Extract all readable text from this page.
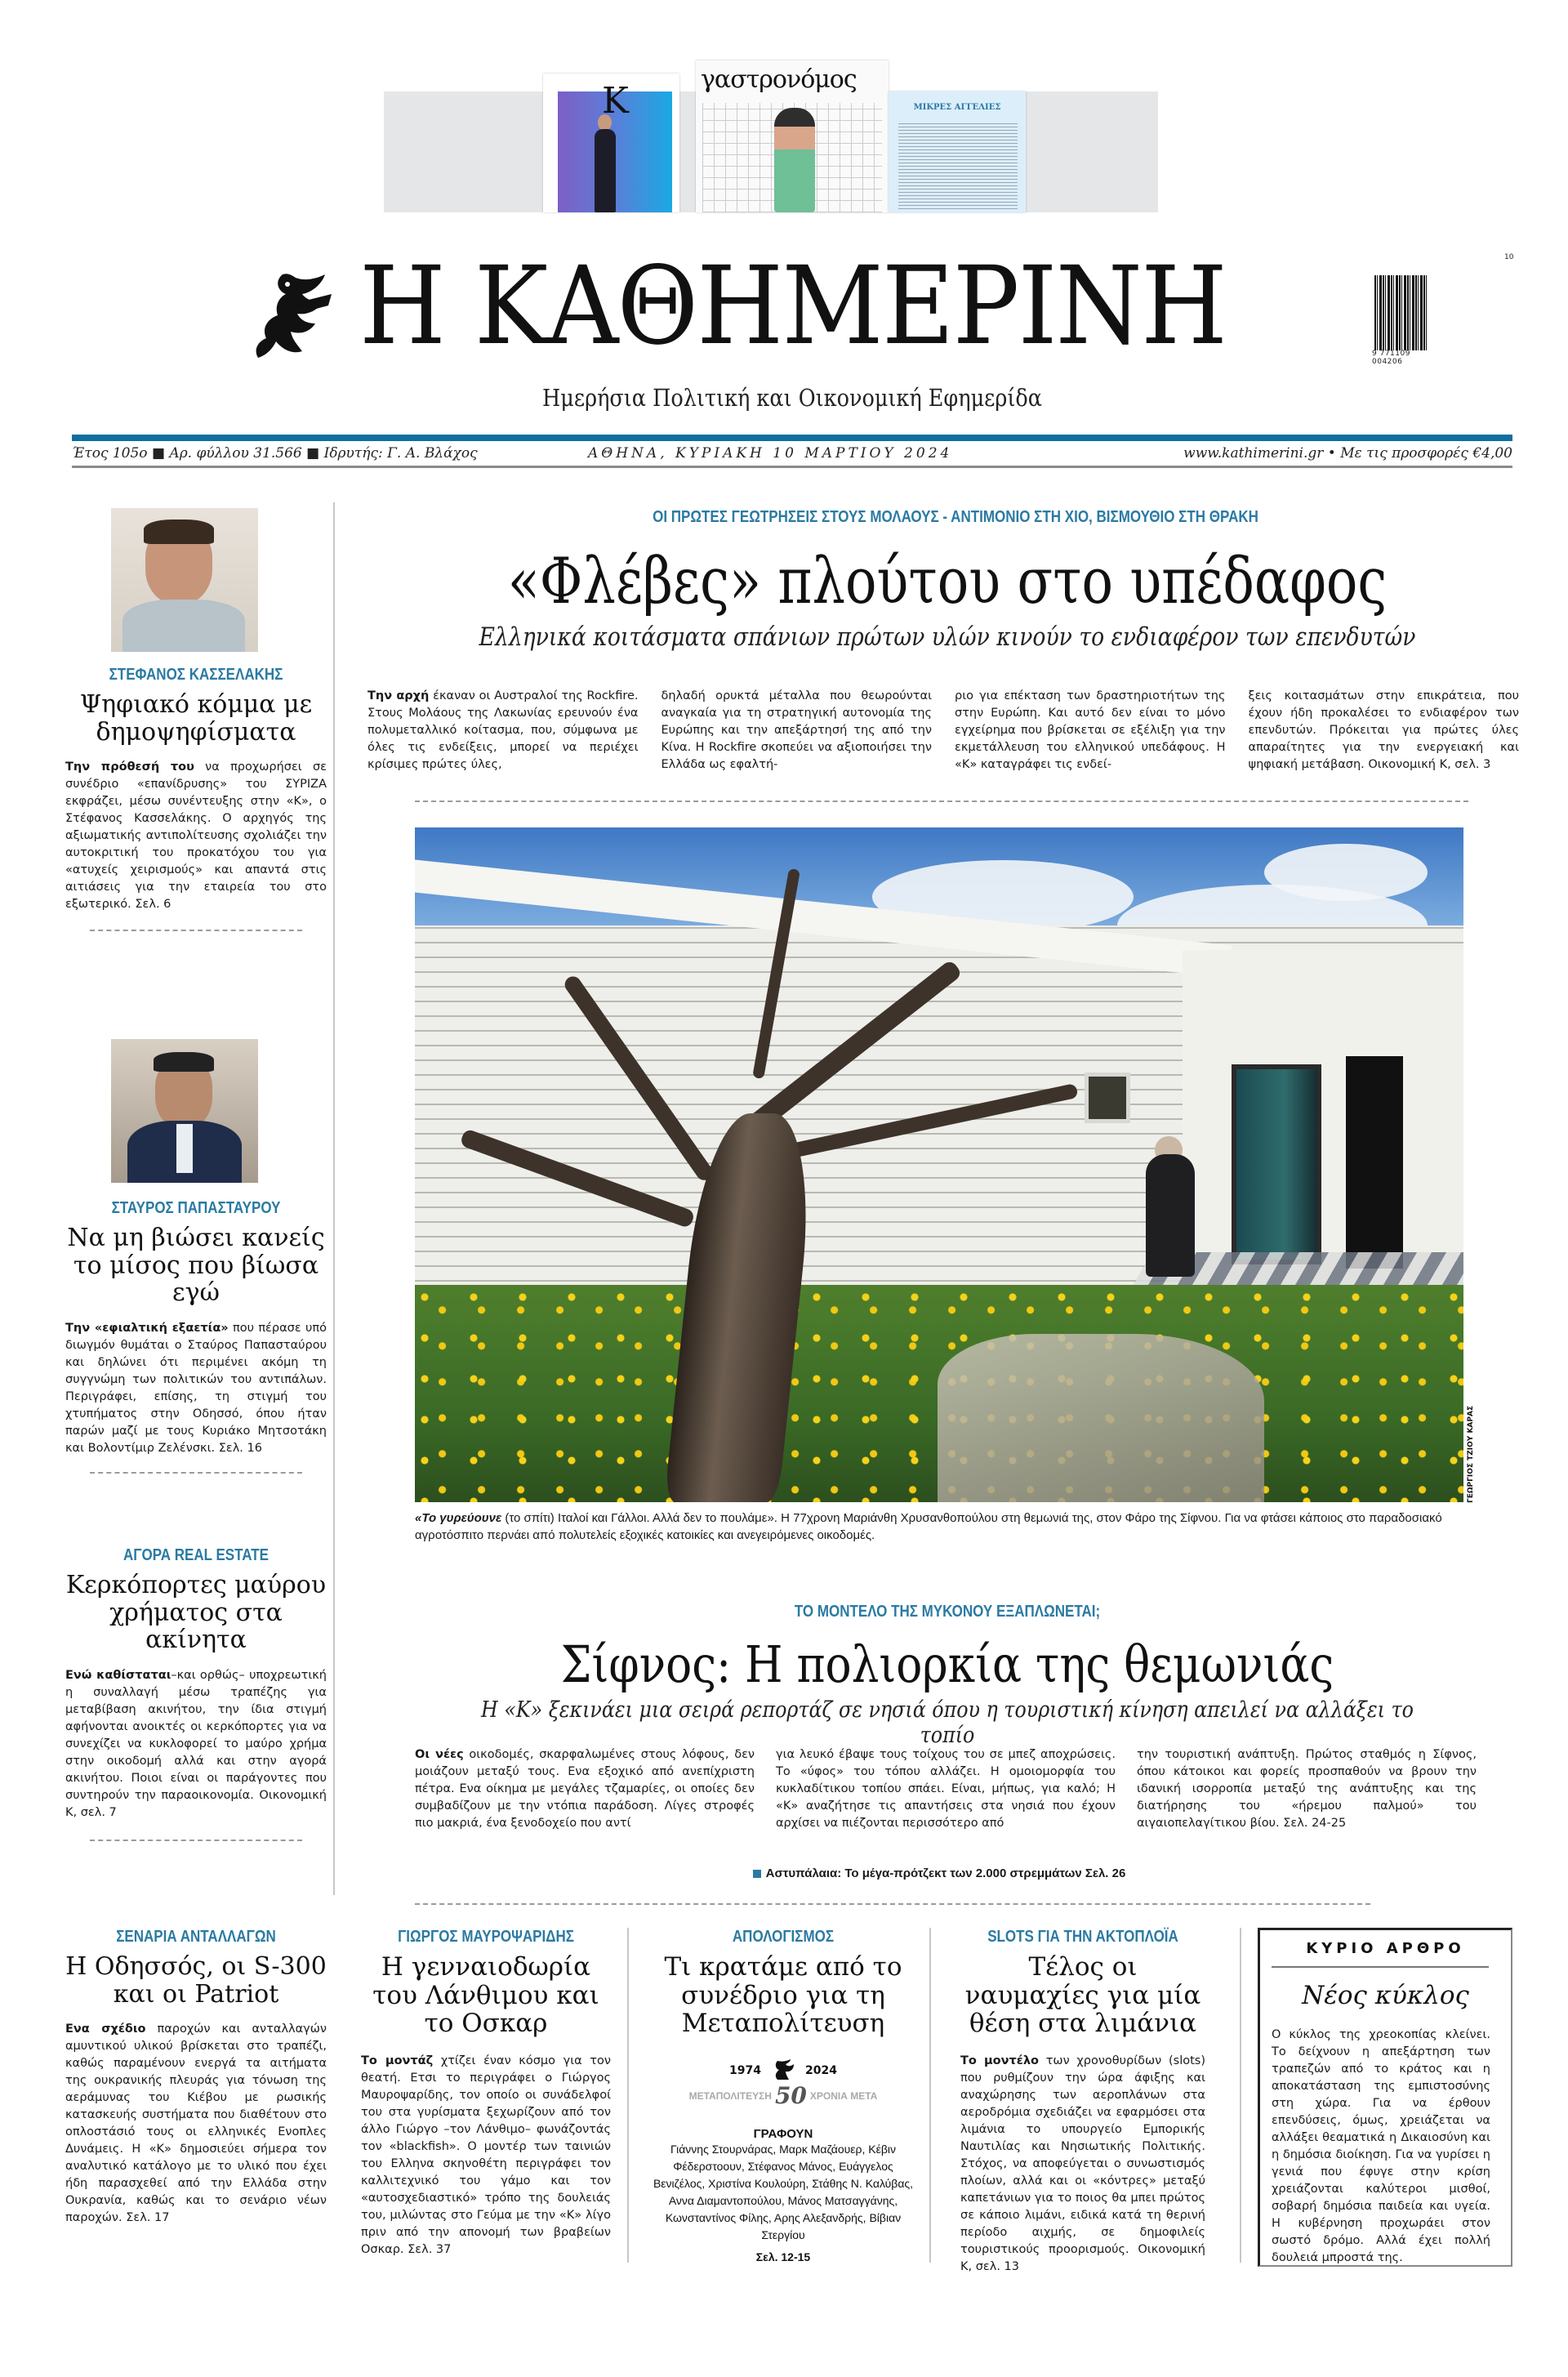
K
γαστρονόμος
ΜΙΚΡΕΣ ΑΓΓΕΛΙΕΣ
Η ΚΑΘΗΜΕΡΙΝΗ	10
9 771109 004206
Ημερήσια Πολιτική και Οικονομική Εφημερίδα
Έτος 105ο ■ Αρ. φύλλου 31.566 ■ Ιδρυτής: Γ. Α. Βλάχος	ΑΘΗΝΑ, ΚΥΡΙΑΚΗ 10 ΜΑΡΤΙΟΥ 2024	www.kathimerini.gr • Με τις προσφορές €4,00
ΣΤΕΦΑΝΟΣ ΚΑΣΣΕΛΑΚΗΣ
Ψηφιακό κόμμα με δημοψηφίσματα
Την πρόθεσή του να προχωρήσει σε συνέδριο «επανίδρυσης» του ΣΥΡΙΖΑ εκφράζει, μέσω συνέντευξης στην «Κ», ο Στέφανος Κασσελάκης. Ο αρχηγός της αξιωματικής αντιπολίτευσης σχολιάζει την αυτοκριτική του προκατόχου του για «ατυχείς χειρισμούς» και απαντά στις αιτιάσεις για την εταιρεία του στο εξωτερικό. Σελ. 6
ΣΤΑΥΡΟΣ ΠΑΠΑΣΤΑΥΡΟΥ
Να μη βιώσει κανείς το μίσος που βίωσα εγώ
Την «εφιαλτική εξαετία» που πέρασε υπό διωγμόν θυμάται ο Σταύρος Παπασταύρου και δηλώνει ότι περιμένει ακόμη τη συγγνώμη των πολιτικών του αντιπάλων. Περιγράφει, επίσης, τη στιγμή του χτυπήματος στην Οδησσό, όπου ήταν παρών μαζί με τους Κυριάκο Μητσοτάκη και Βολοντίμιρ Ζελένσκι. Σελ. 16
ΑΓΟΡΑ REAL ESTATE
Κερκόπορτες μαύρου χρήματος στα ακίνητα
Ενώ καθίσταται–και ορθώς– υποχρεωτική η συναλλαγή μέσω τραπέζης για μεταβίβαση ακινήτου, την ίδια στιγμή αφήνονται ανοικτές οι κερκόπορτες για να συνεχίζει να κυκλοφορεί το μαύρο χρήμα στην οικοδομή αλλά και στην αγορά ακινήτου. Ποιοι είναι οι παράγοντες που συντηρούν την παραοικονομία. Οικονομική Κ, σελ. 7
ΟΙ ΠΡΩΤΕΣ ΓΕΩΤΡΗΣΕΙΣ ΣΤΟΥΣ ΜΟΛΑΟΥΣ - ΑΝΤΙΜΟΝΙΟ ΣΤΗ ΧΙΟ, ΒΙΣΜΟΥΘΙΟ ΣΤΗ ΘΡΑΚΗ
«Φλέβες» πλούτου στο υπέδαφος
Ελληνικά κοιτάσματα σπάνιων πρώτων υλών κινούν το ενδιαφέρον των επενδυτών
Την αρχή έκαναν οι Αυστραλοί της Rockfire. Στους Μολάους της Λακωνίας ερευνούν ένα πολυμεταλλικό κοίτασμα, που, σύμφωνα με όλες τις ενδείξεις, μπορεί να περιέχει κρίσιμες πρώτες ύλες,
δηλαδή ορυκτά μέταλλα που θεωρούνται αναγκαία για τη στρατηγική αυτονομία της Ευρώπης και την απεξάρτησή της από την Κίνα. Η Rockfire σκοπεύει να αξιοποιήσει την Ελλάδα ως εφαλτή-
ριο για επέκταση των δραστηριοτήτων της στην Ευρώπη. Και αυτό δεν είναι το μόνο εγχείρημα που βρίσκεται σε εξέλιξη για την εκμετάλλευση του ελληνικού υπεδάφους. Η «Κ» καταγράφει τις ενδεί-
ξεις κοιτασμάτων στην επικράτεια, που έχουν ήδη προκαλέσει το ενδιαφέρον των επενδυτών. Πρόκειται για πρώτες ύλες απαραίτητες για την ενεργειακή και ψηφιακή μετάβαση. Οικονομική Κ, σελ. 3
ΓΕΩΡΓΙΟΣ ΤΖΙΟΥ ΚΑΡΑΣ
«Το γυρεύουνε (το σπίτι) Ιταλοί και Γάλλοι. Αλλά δεν το πουλάμε». Η 77χρονη Μαριάνθη Χρυσανθοπούλου στη θεμωνιά της, στον Φάρο της Σίφνου. Για να φτάσει κάποιος στο παραδοσιακό αγροτόσπιτο περνάει από πολυτελείς εξοχικές κατοικίες και ανεγειρόμενες οικοδομές.
ΤΟ ΜΟΝΤΕΛΟ ΤΗΣ ΜΥΚΟΝΟΥ ΕΞΑΠΛΩΝΕΤΑΙ;
Σίφνος: Η πολιορκία της θεμωνιάς
Η «Κ» ξεκινάει μια σειρά ρεπορτάζ σε νησιά όπου η τουριστική κίνηση απειλεί να αλλάξει το τοπίο
Οι νέες οικοδομές, σκαρφαλωμένες στους λόφους, δεν μοιάζουν μεταξύ τους. Ενα εξοχικό από ανεπίχριστη πέτρα. Ενα οίκημα με μεγάλες τζαμαρίες, οι οποίες δεν συμβαδίζουν με την ντόπια παράδοση. Λίγες στροφές πιο μακριά, ένα ξενοδοχείο που αντί
για λευκό έβαψε τους τοίχους του σε μπεζ αποχρώσεις. Το «ύφος» του τόπου αλλάζει. Η ομοιομορφία του κυκλαδίτικου τοπίου σπάει. Είναι, μήπως, για καλό; Η «Κ» αναζήτησε τις απαντήσεις στα νησιά που έχουν αρχίσει να πιέζονται περισσότερο από
την τουριστική ανάπτυξη. Πρώτος σταθμός η Σίφνος, όπου κάτοικοι και φορείς προσπαθούν να βρουν την ιδανική ισορροπία μεταξύ της ανάπτυξης και της διατήρησης του «ήρεμου παλμού» του αιγαιοπελαγίτικου βίου. Σελ. 24-25
Αστυπάλαια: Το μέγα-πρότζεκτ των 2.000 στρεμμάτων Σελ. 26
ΣΕΝΑΡΙΑ ΑΝΤΑΛΛΑΓΩΝ
Η Οδησσός, οι S-300 και οι Patriot
Ενα σχέδιο παροχών και ανταλλαγών αμυντικού υλικού βρίσκεται στο τραπέζι, καθώς παραμένουν ενεργά τα αιτήματα της ουκρανικής πλευράς για τόνωση της αεράμυνας του Κιέβου με ρωσικής κατασκευής συστήματα που διαθέτουν στο οπλοστάσιό τους οι ελληνικές Ενοπλες Δυνάμεις. Η «Κ» δημοσιεύει σήμερα τον αναλυτικό κατάλογο με το υλικό που έχει ήδη παρασχεθεί από την Ελλάδα στην Ουκρανία, καθώς και το σενάριο νέων παροχών. Σελ. 17
ΓΙΩΡΓΟΣ ΜΑΥΡΟΨΑΡΙΔΗΣ
Η γενναιοδωρία του Λάνθιμου και το Οσκαρ
Το μοντάζ χτίζει έναν κόσμο για τον θεατή. Ετσι το περιγράφει ο Γιώργος Μαυροψαρίδης, τον οποίο οι συνάδελφοί του στα γυρίσματα ξεχωρίζουν από τον άλλο Γιώργο –τον Λάνθιμο– φωνάζοντάς τον «blackfish». Ο μοντέρ των ταινιών του Ελληνα σκηνοθέτη περιγράφει τον καλλιτεχνικό του γάμο και τον «αυτοσχεδιαστικό» τρόπο της δουλειάς του, μιλώντας στο Γεύμα με την «Κ» λίγο πριν από την απονομή των βραβείων Οσκαρ. Σελ. 37
ΑΠΟΛΟΓΙΣΜΟΣ
Τι κρατάμε από το συνέδριο για τη Μεταπολίτευση
1974	2024
ΜΕΤΑΠΟΛΙΤΕΥΣΗ 50 ΧΡΟΝΙΑ ΜΕΤΑ
ΓΡΑΦΟΥΝ
Γιάννης Στουρνάρας, Μαρκ Μαζάουερ, Κέβιν Φέδερστοουν, Στέφανος Μάνος, Ευάγγελος Βενιζέλος, Χριστίνα Κουλούρη, Στάθης Ν. Καλύβας, Αννα Διαμαντοπούλου, Μάνος Ματσαγγάνης, Κωνσταντίνος Φίλης, Αρης Αλεξανδρής, Βίβιαν Στεργίου
Σελ. 12-15
SLOTS ΓΙΑ ΤΗΝ ΑΚΤΟΠΛΟΪΑ
Τέλος οι ναυμαχίες για μία θέση στα λιμάνια
Το μοντέλο των χρονοθυρίδων (slots) που ρυθμίζουν την ώρα άφιξης και αναχώρησης των αεροπλάνων στα αεροδρόμια σχεδιάζει να εφαρμόσει στα λιμάνια το υπουργείο Εμπορικής Ναυτιλίας και Νησιωτικής Πολιτικής. Στόχος, να αποφεύγεται ο συνωστισμός πλοίων, αλλά και οι «κόντρες» μεταξύ καπετάνιων για το ποιος θα μπει πρώτος σε κάποιο λιμάνι, ειδικά κατά τη θερινή περίοδο αιχμής, σε δημοφιλείς τουριστικούς προορισμούς. Οικονομική Κ, σελ. 13
ΚΥΡΙΟ ΑΡΘΡΟ
Νέος κύκλος
Ο κύκλος της χρεοκοπίας κλείνει. Το δείχνουν η απεξάρτηση των τραπεζών από το κράτος και η αποκατάσταση της εμπιστοσύνης στη χώρα. Για να έρθουν επενδύσεις, όμως, χρειάζεται να αλλάξει θεαματικά η Δικαιοσύνη και η δημόσια διοίκηση. Για να γυρίσει η γενιά που έφυγε στην κρίση χρειάζονται καλύτεροι μισθοί, σοβαρή δημόσια παιδεία και υγεία. Η κυβέρνηση προχωράει στον σωστό δρόμο. Αλλά έχει πολλή δουλειά μπροστά της.
